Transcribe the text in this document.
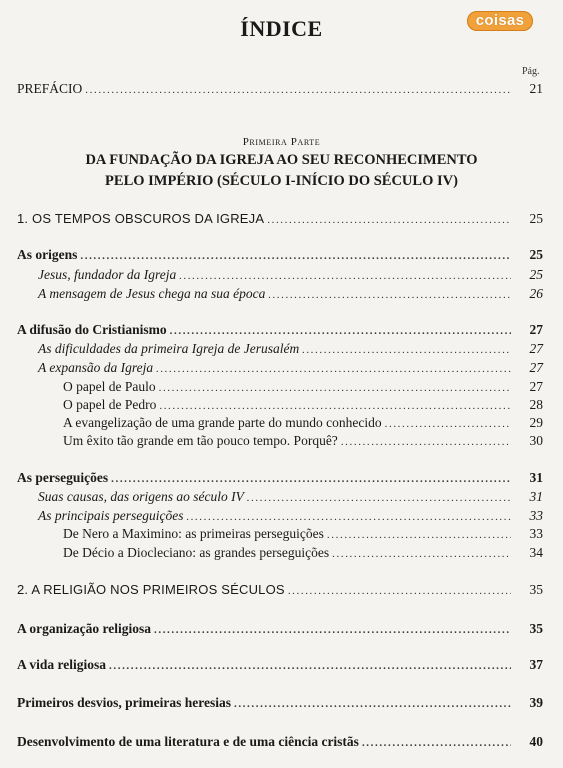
ÍNDICE	coisas
Pág.
PREFÁCIO .....	21
Primeira Parte
DA FUNDAÇÃO DA IGREJA AO SEU RECONHECIMENTO
PELO IMPÉRIO (SÉCULO I-INÍCIO DO SÉCULO IV)
1. OS TEMPOS OBSCUROS DA IGREJA .....	25
As origens .....	25
Jesus, fundador da Igreja .....	25
A mensagem de Jesus chega na sua época .....	26
A difusão do Cristianismo .....	27
As dificuldades da primeira Igreja de Jerusalém .....	27
A expansão da Igreja .....	27
O papel de Paulo .....	27
O papel de Pedro .....	28
A evangelização de uma grande parte do mundo conhecido .....	29
Um êxito tão grande em tão pouco tempo. Porquê? .....	30
As perseguições .....	31
Suas causas, das origens ao século IV .....	31
As principais perseguições .....	33
De Nero a Maximino: as primeiras perseguições .....	33
De Décio a Diocleciano: as grandes perseguições .....	34
2. A RELIGIÃO NOS PRIMEIROS SÉCULOS .....	35
A organização religiosa .....	35
A vida religiosa .....	37
Primeiros desvios, primeiras heresias .....	39
Desenvolvimento de uma literatura e de uma ciência cristãs .....	40
